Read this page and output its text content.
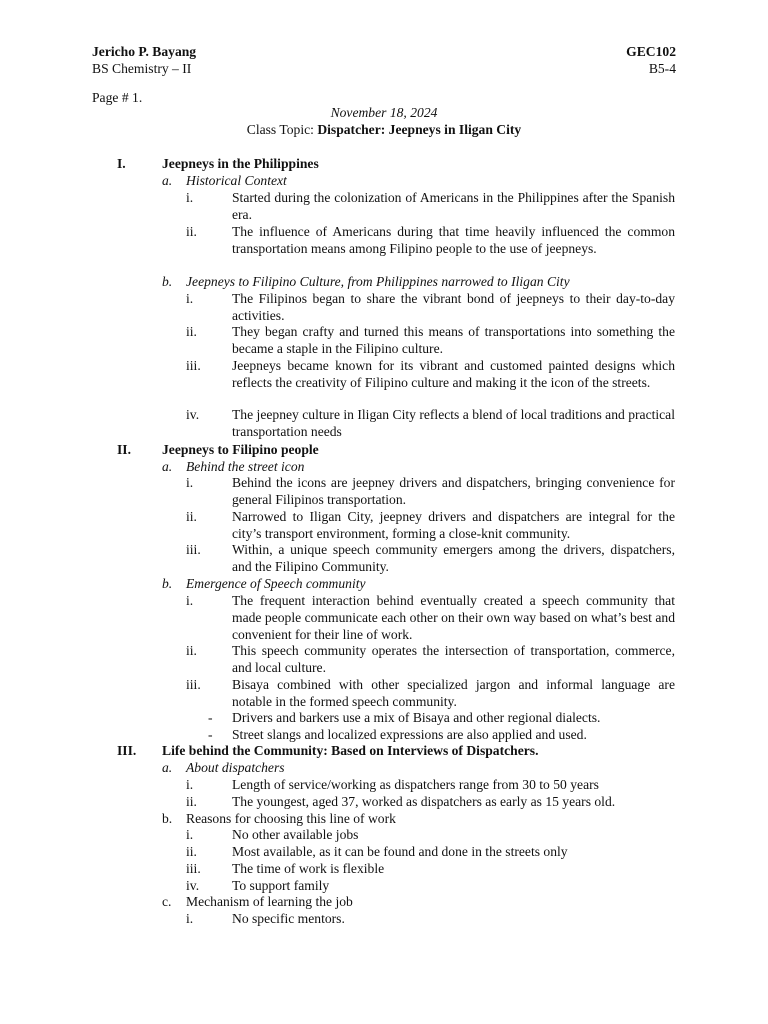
Jericho P. Bayang	GEC102
BS Chemistry – II	B5-4
Page # 1.
November 18, 2024
Class Topic: Dispatcher: Jeepneys in Iligan City
I.	Jeepneys in the Philippines
a. Historical Context
i.	Started during the colonization of Americans in the Philippines after the Spanish era.
ii.	The influence of Americans during that time heavily influenced the common transportation means among Filipino people to the use of jeepneys.
b. Jeepneys to Filipino Culture, from Philippines narrowed to Iligan City
i.	The Filipinos began to share the vibrant bond of jeepneys to their day-to-day activities.
ii.	They began crafty and turned this means of transportations into something the became a staple in the Filipino culture.
iii. Jeepneys became known for its vibrant and customed painted designs which reflects the creativity of Filipino culture and making it the icon of the streets.
iv. The jeepney culture in Iligan City reflects a blend of local traditions and practical transportation needs
II. Jeepneys to Filipino people
a. Behind the street icon
i.	Behind the icons are jeepney drivers and dispatchers, bringing convenience for general Filipinos transportation.
ii.	Narrowed to Iligan City, jeepney drivers and dispatchers are integral for the city’s transport environment, forming a close-knit community.
iii. Within, a unique speech community emergers among the drivers, dispatchers, and the Filipino Community.
b. Emergence of Speech community
i.	The frequent interaction behind eventually created a speech community that made people communicate each other on their own way based on what’s best and convenient for their line of work.
ii.	This speech community operates the intersection of transportation, commerce, and local culture.
iii. Bisaya combined with other specialized jargon and informal language are notable in the formed speech community.
- Drivers and barkers use a mix of Bisaya and other regional dialects.
- Street slangs and localized expressions are also applied and used.
III. Life behind the Community: Based on Interviews of Dispatchers.
a. About dispatchers
i.	Length of service/working as dispatchers range from 30 to 50 years
ii.	The youngest, aged 37, worked as dispatchers as early as 15 years old.
b. Reasons for choosing this line of work
i.	No other available jobs
ii.	Most available, as it can be found and done in the streets only
iii. The time of work is flexible
iv. To support family
c. Mechanism of learning the job
i.	No specific mentors.
